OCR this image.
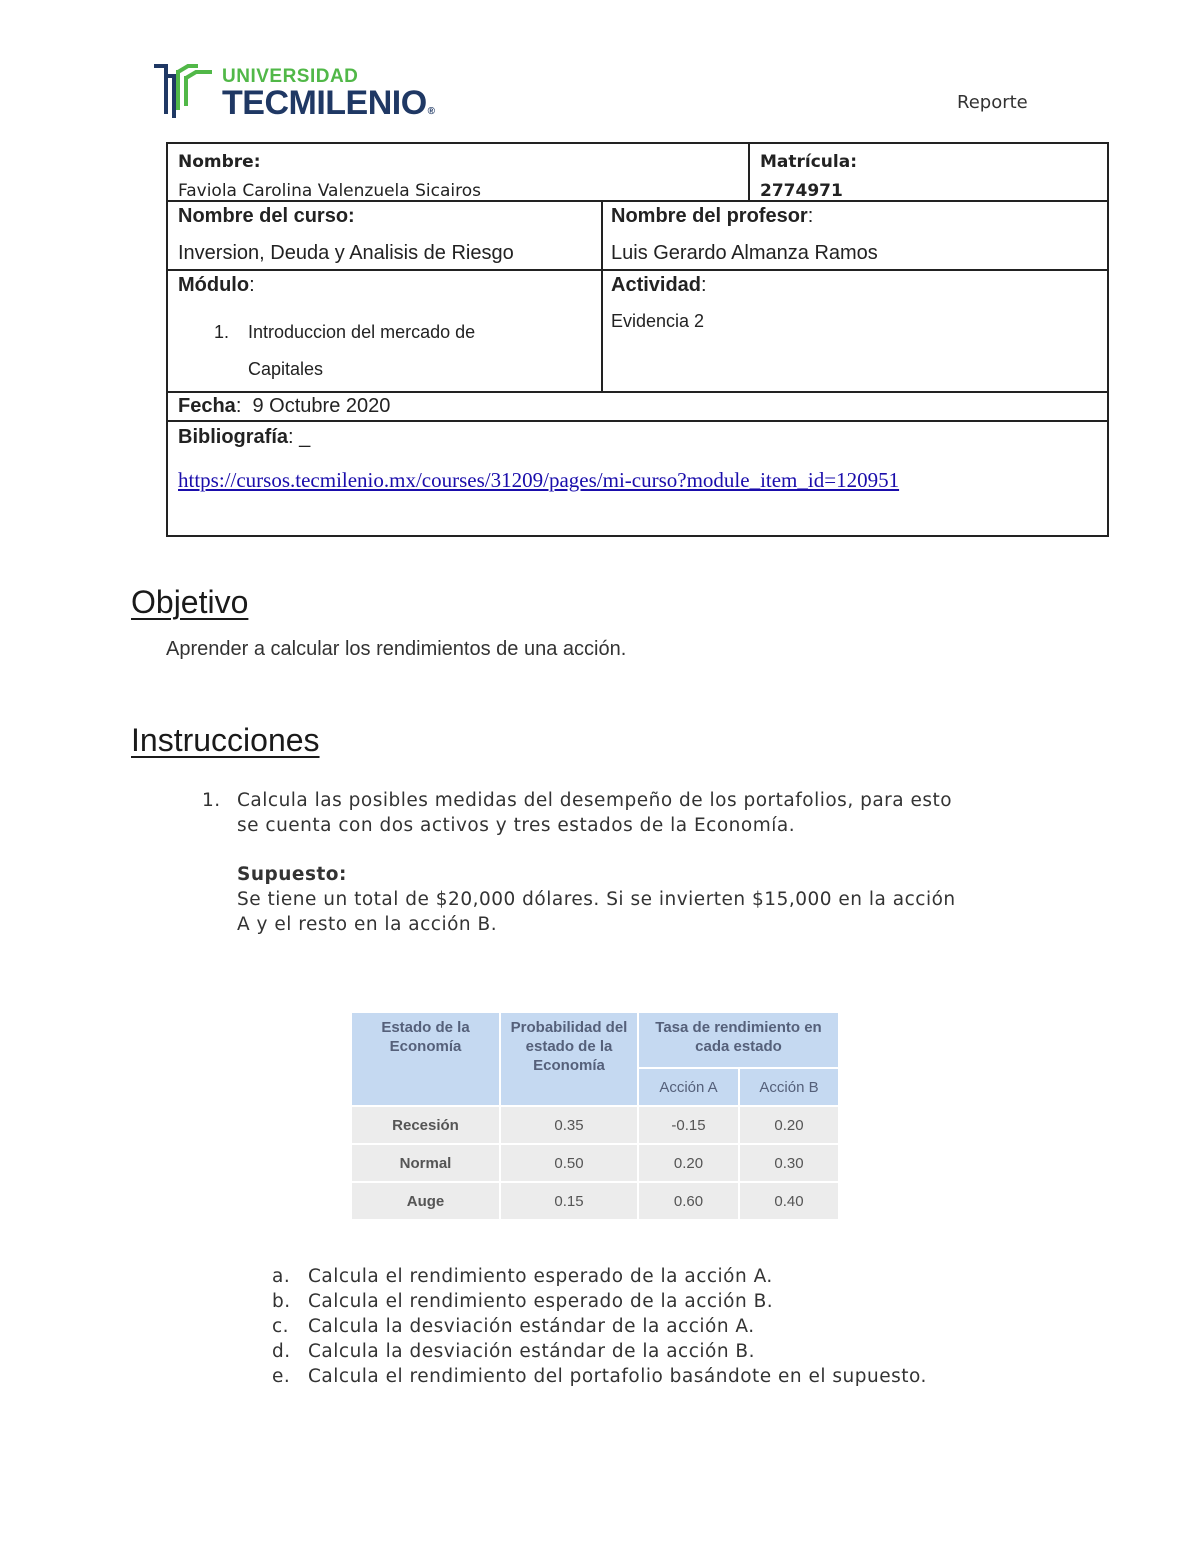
UNIVERSIDAD
TECMILENIO®	Reporte
Nombre:
Faviola Carolina Valenzuela Sicairos
Matrícula:
2774971
Nombre del curso:
Inversion, Deuda y Analisis de Riesgo
Nombre del profesor:
Luis Gerardo Almanza Ramos
Módulo:
1. Introduccion del mercado de
Capitales
Actividad:
Evidencia 2
Fecha: 9 Octubre 2020
Bibliografía: _
https://cursos.tecmilenio.mx/courses/31209/pages/mi-curso?module_item_id=120951
Objetivo
Aprender a calcular los rendimientos de una acción.
Instrucciones
1. Calcula las posibles medidas del desempeño de los portafolios, para esto
se cuenta con dos activos y tres estados de la Economía.
Supuesto:
Se tiene un total de $20,000 dólares. Si se invierten $15,000 en la acción
A y el resto en la acción B.
Estado de la Economía
Probabilidad del estado de la Economía
Tasa de rendimiento en cada estado
Acción A	Acción B
Recesión	0.35	-0.15	0.20
Normal	0.50	0.20	0.30
Auge	0.15	0.60	0.40
a. Calcula el rendimiento esperado de la acción A.
b. Calcula el rendimiento esperado de la acción B.
c. Calcula la desviación estándar de la acción A.
d. Calcula la desviación estándar de la acción B.
e. Calcula el rendimiento del portafolio basándote en el supuesto.
